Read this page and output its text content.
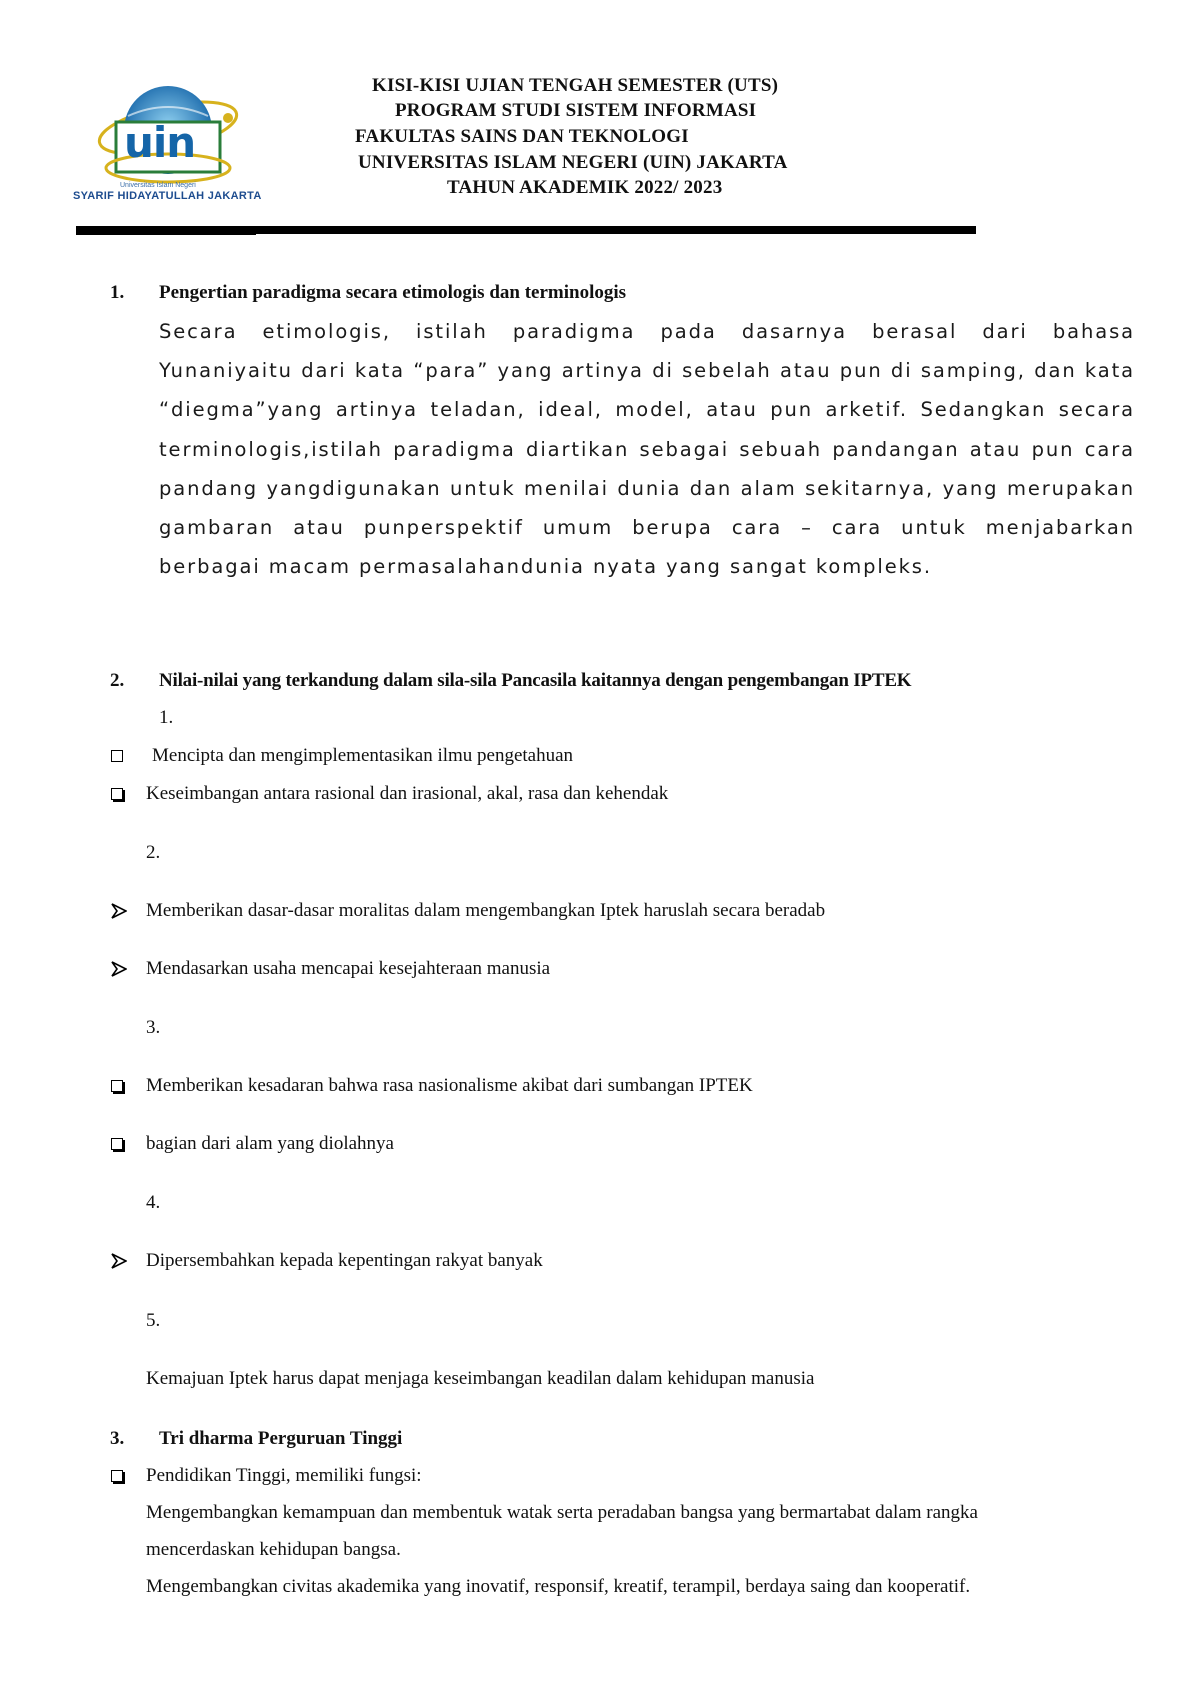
uin
Universitas Islam Negeri
SYARIF HIDAYATULLAH JAKARTA
KISI-KISI UJIAN TENGAH SEMESTER (UTS)
PROGRAM STUDI SISTEM INFORMASI
FAKULTAS SAINS DAN TEKNOLOGI
UNIVERSITAS ISLAM NEGERI (UIN) JAKARTA
TAHUN AKADEMIK 2022/ 2023
1. Pengertian paradigma secara etimologis dan terminologis
Secara etimologis, istilah paradigma pada dasarnya berasal dari bahasa Yunaniyaitu dari kata “para” yang artinya di sebelah atau pun di samping, dan kata “diegma”yang artinya teladan, ideal, model, atau pun arketif. Sedangkan secara terminologis,istilah paradigma diartikan sebagai sebuah pandangan atau pun cara pandang yangdigunakan untuk menilai dunia dan alam sekitarnya, yang merupakan gambaran atau punperspektif umum berupa cara – cara untuk menjabarkan berbagai macam permasalahandunia nyata yang sangat kompleks.
2. Nilai-nilai yang terkandung dalam sila-sila Pancasila kaitannya dengan pengembangan IPTEK
1.
Mencipta dan mengimplementasikan ilmu pengetahuan
Keseimbangan antara rasional dan irasional, akal, rasa dan kehendak
2.
Memberikan dasar-dasar moralitas dalam mengembangkan Iptek haruslah secara beradab
Mendasarkan usaha mencapai kesejahteraan manusia
3.
Memberikan kesadaran bahwa rasa nasionalisme akibat dari sumbangan IPTEK
bagian dari alam yang diolahnya
4.
Dipersembahkan kepada kepentingan rakyat banyak
5.
Kemajuan Iptek harus dapat menjaga keseimbangan keadilan dalam kehidupan manusia
3. Tri dharma Perguruan Tinggi
Pendidikan Tinggi, memiliki fungsi:
Mengembangkan kemampuan dan membentuk watak serta peradaban bangsa yang bermartabat dalam rangka
mencerdaskan kehidupan bangsa.
Mengembangkan civitas akademika yang inovatif, responsif, kreatif, terampil, berdaya saing dan kooperatif.
